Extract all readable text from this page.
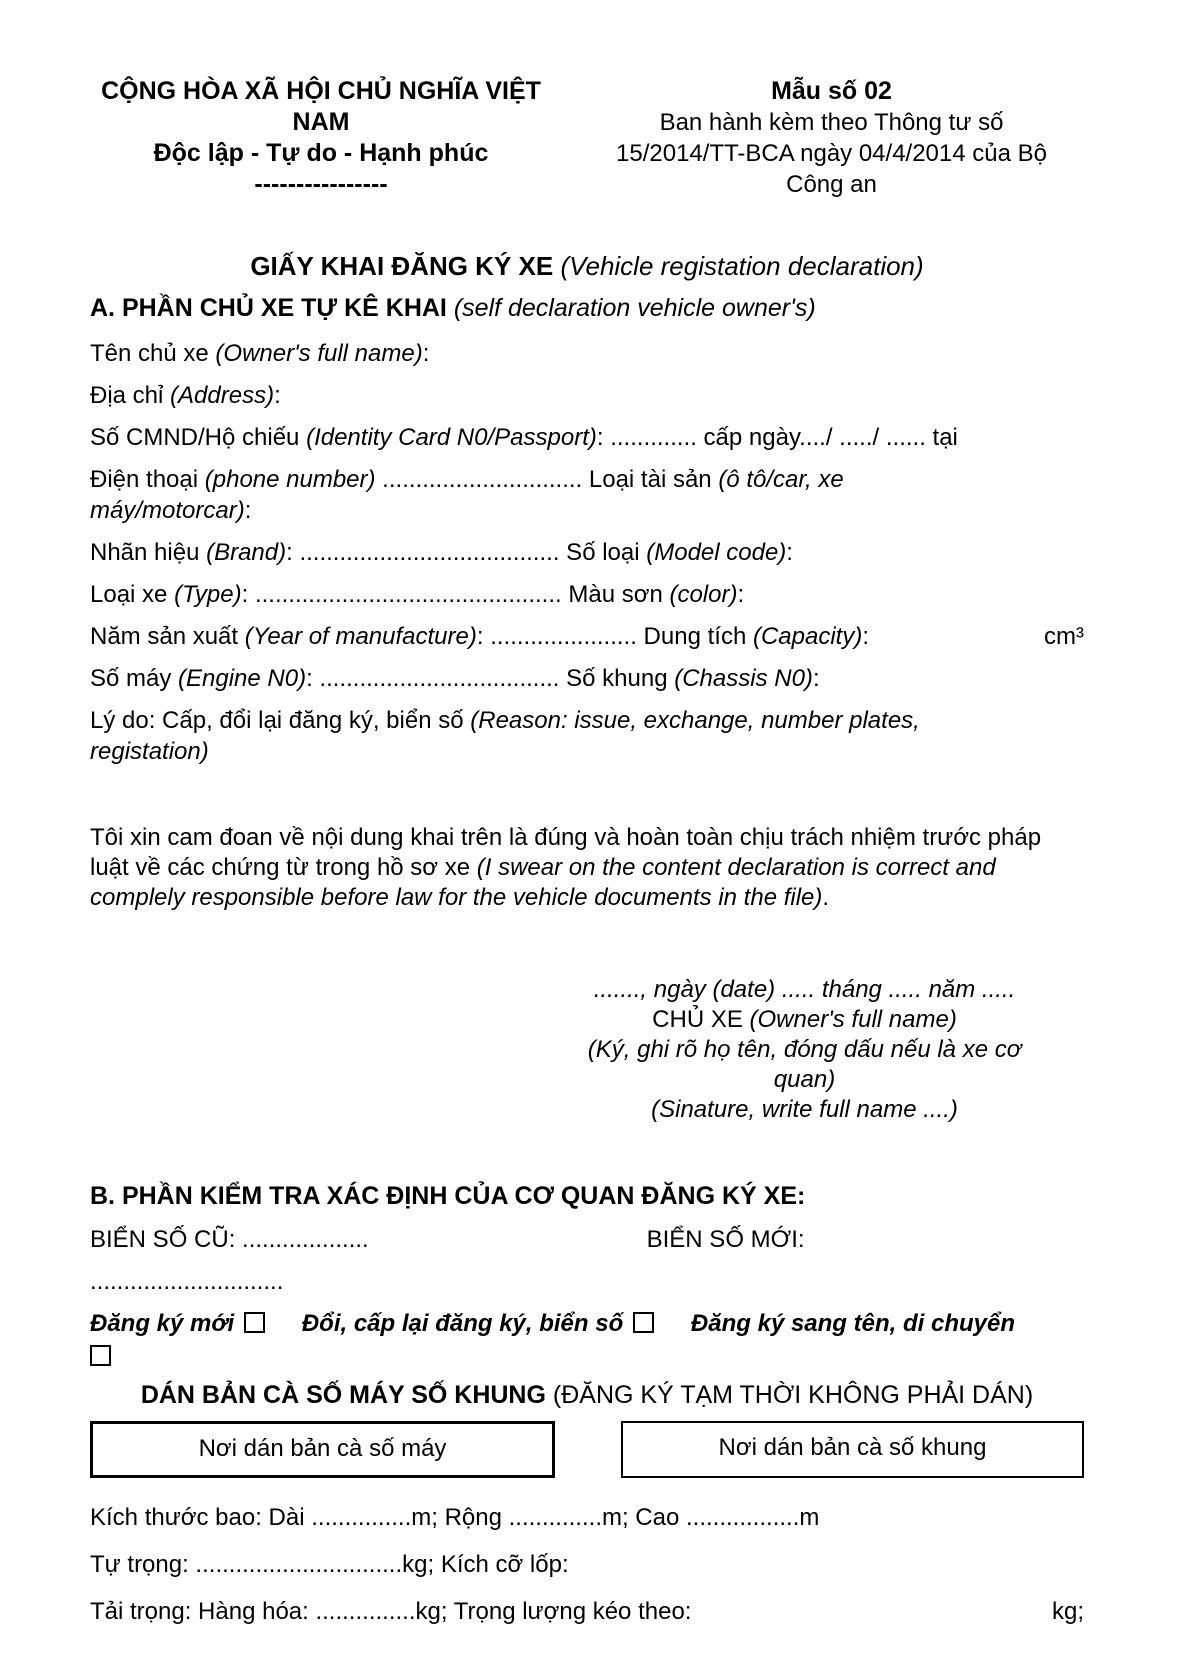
CỘNG HÒA XÃ HỘI CHỦ NGHĨA VIỆT
NAM
Độc lập - Tự do - Hạnh phúc
----------------
Mẫu số 02
Ban hành kèm theo Thông tư số
15/2014/TT-BCA ngày 04/4/2014 của Bộ
Công an
GIẤY KHAI ĐĂNG KÝ XE (Vehicle registation declaration)
A. PHẦN CHỦ XE TỰ KÊ KHAI (self declaration vehicle owner's)

Tên chủ xe (Owner's full name):

Địa chỉ (Address):

Số CMND/Hộ chiếu (Identity Card N0/Passport): ............. cấp ngày..../ ...../ ...... tại

Điện thoại (phone number) .............................. Loại tài sản (ô tô/car, xe
máy/motorcar):

Nhãn hiệu (Brand): ....................................... Số loại (Model code):

Loại xe (Type): .............................................. Màu sơn (color):

Năm sản xuất (Year of manufacture): ...................... Dung tích (Capacity):	cm³

Số máy (Engine N0): .................................... Số khung (Chassis N0):

Lý do: Cấp, đổi lại đăng ký, biển số (Reason: issue, exchange, number plates,
registation)

Tôi xin cam đoan về nội dung khai trên là đúng và hoàn toàn chịu trách nhiệm trước pháp luật về các chứng từ trong hồ sơ xe (I swear on the content declaration is correct and complely responsible before law for the vehicle documents in the file).

......., ngày (date) ..... tháng ..... năm .....
CHỦ XE (Owner's full name)
(Ký, ghi rõ họ tên, đóng dấu nếu là xe cơ quan)
(Sinature, write full name ....)
B. PHẦN KIỂM TRA XÁC ĐỊNH CỦA CƠ QUAN ĐĂNG KÝ XE:

BIỂN SỐ CŨ: ...................	BIỂN SỐ MỚI:

.............................

Đăng ký mới	Đổi, cấp lại đăng ký, biển số	Đăng ký sang tên, di chuyển

DÁN BẢN CÀ SỐ MÁY SỐ KHUNG (ĐĂNG KÝ TẠM THỜI KHÔNG PHẢI DÁN)

Nơi dán bản cà số máy	Nơi dán bản cà số khung

Kích thước bao: Dài ...............m; Rộng ..............m; Cao .................m

Tự trọng: ...............................kg; Kích cỡ lốp:

Tải trọng: Hàng hóa: ...............kg; Trọng lượng kéo theo:	kg;
